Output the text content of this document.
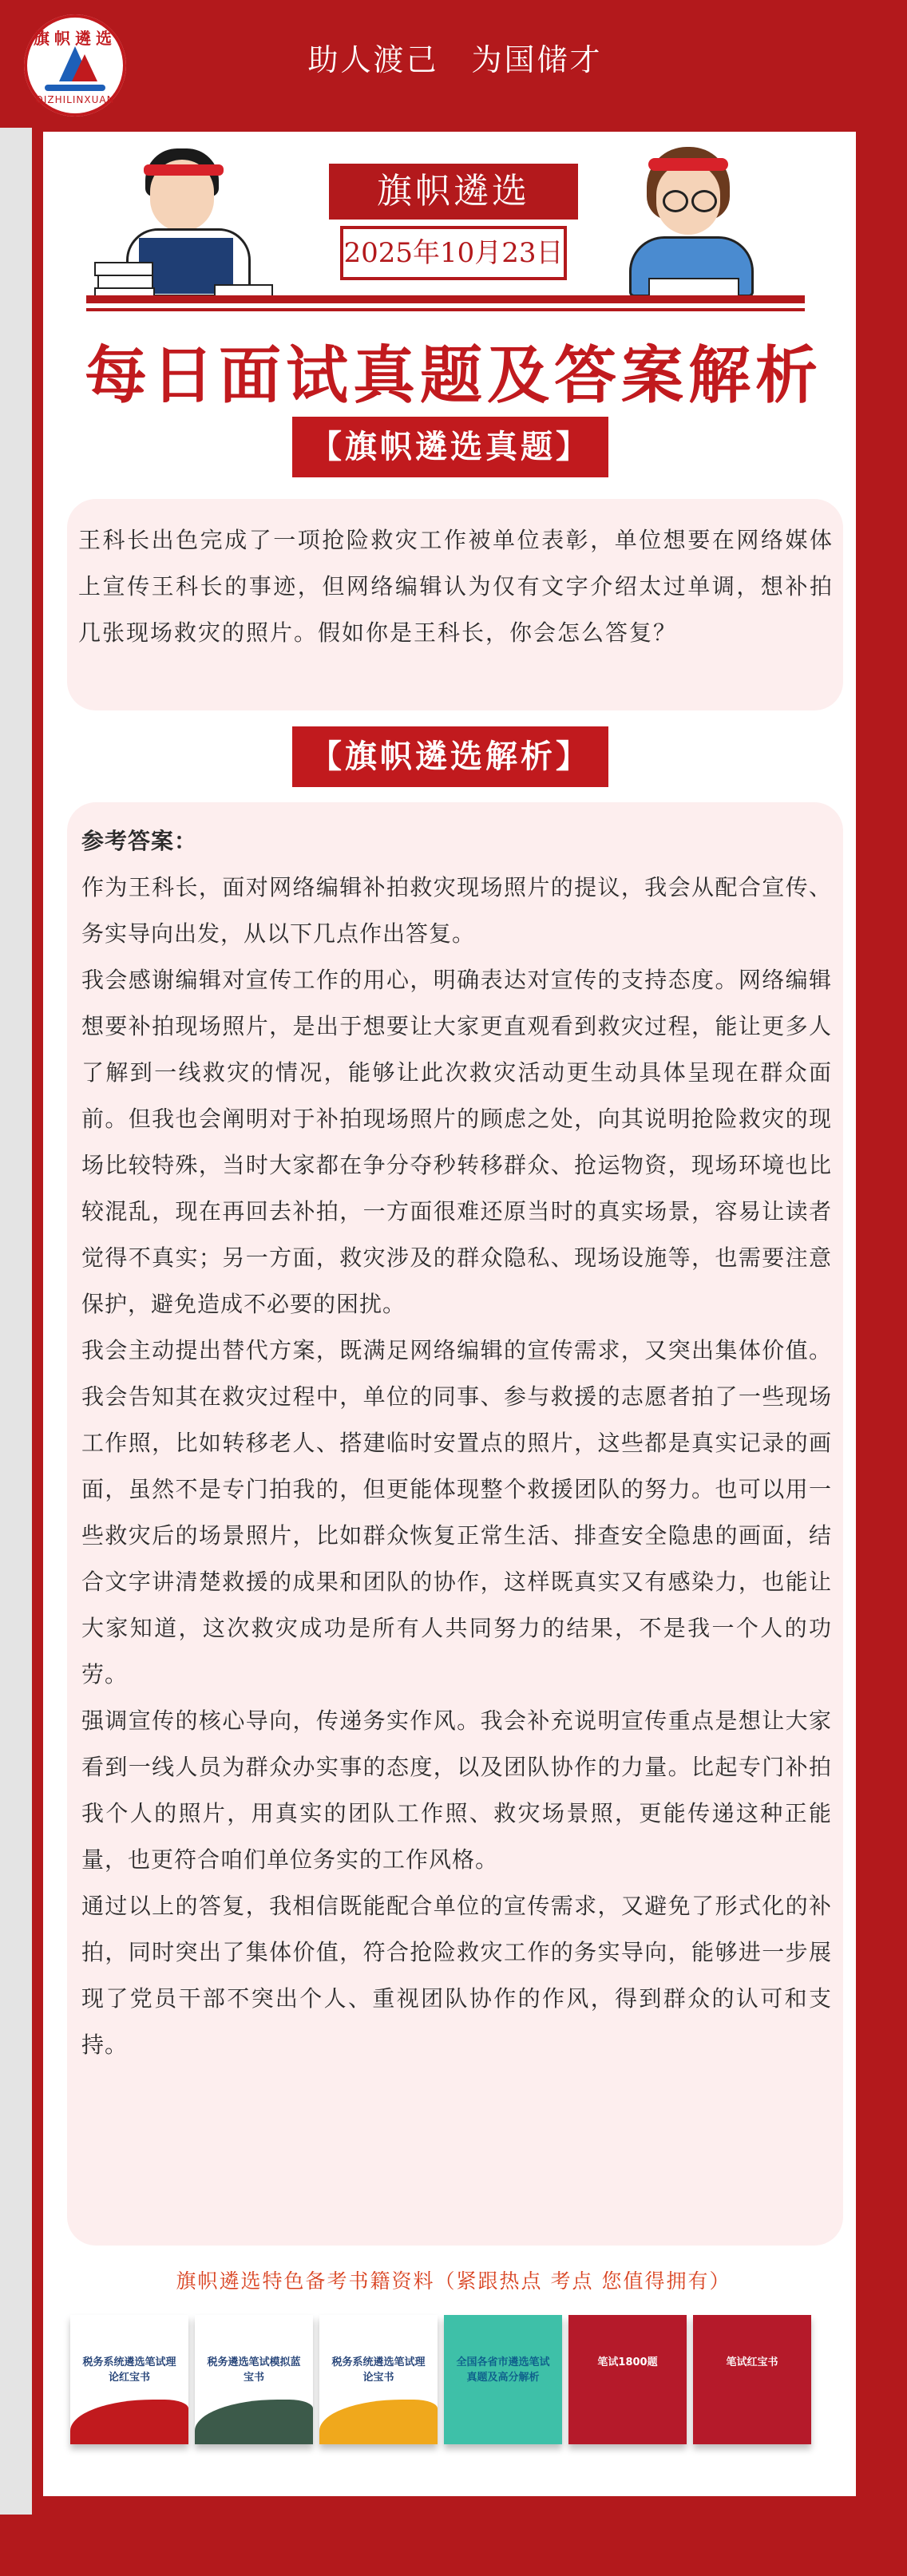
旗帜遴选
QIZHILINXUAN
助人渡己　为国储才
旗帜遴选
2025年10月23日
每日面试真题及答案解析
【旗帜遴选真题】
王科长出色完成了一项抢险救灾工作被单位表彰，单位想要在网络媒体上宣传王科长的事迹，但网络编辑认为仅有文字介绍太过单调，想补拍几张现场救灾的照片。假如你是王科长，你会怎么答复？
【旗帜遴选解析】

参考答案：

作为王科长，面对网络编辑补拍救灾现场照片的提议，我会从配合宣传、务实导向出发，从以下几点作出答复。

我会感谢编辑对宣传工作的用心，明确表达对宣传的支持态度。网络编辑想要补拍现场照片，是出于想要让大家更直观看到救灾过程，能让更多人了解到一线救灾的情况，能够让此次救灾活动更生动具体呈现在群众面前。但我也会阐明对于补拍现场照片的顾虑之处，向其说明抢险救灾的现场比较特殊，当时大家都在争分夺秒转移群众、抢运物资，现场环境也比较混乱，现在再回去补拍，一方面很难还原当时的真实场景，容易让读者觉得不真实；另一方面，救灾涉及的群众隐私、现场设施等，也需要注意保护，避免造成不必要的困扰。

我会主动提出替代方案，既满足网络编辑的宣传需求，又突出集体价值。我会告知其在救灾过程中，单位的同事、参与救援的志愿者拍了一些现场工作照，比如转移老人、搭建临时安置点的照片，这些都是真实记录的画面，虽然不是专门拍我的，但更能体现整个救援团队的努力。也可以用一些救灾后的场景照片，比如群众恢复正常生活、排查安全隐患的画面，结合文字讲清楚救援的成果和团队的协作，这样既真实又有感染力，也能让大家知道，这次救灾成功是所有人共同努力的结果，不是我一个人的功劳。

强调宣传的核心导向，传递务实作风。我会补充说明宣传重点是想让大家看到一线人员为群众办实事的态度，以及团队协作的力量。比起专门补拍我个人的照片，用真实的团队工作照、救灾场景照，更能传递这种正能量，也更符合咱们单位务实的工作风格。

通过以上的答复，我相信既能配合单位的宣传需求，又避免了形式化的补拍，同时突出了集体价值，符合抢险救灾工作的务实导向，能够进一步展现了党员干部不突出个人、重视团队协作的作风，得到群众的认可和支持。

旗帜遴选特色备考书籍资料（紧跟热点 考点 您值得拥有）
税务系统遴选笔试理论红宝书
税务遴选笔试模拟蓝宝书
税务系统遴选笔试理论宝书
全国各省市遴选笔试真题及高分解析
笔试1800题	笔试红宝书
